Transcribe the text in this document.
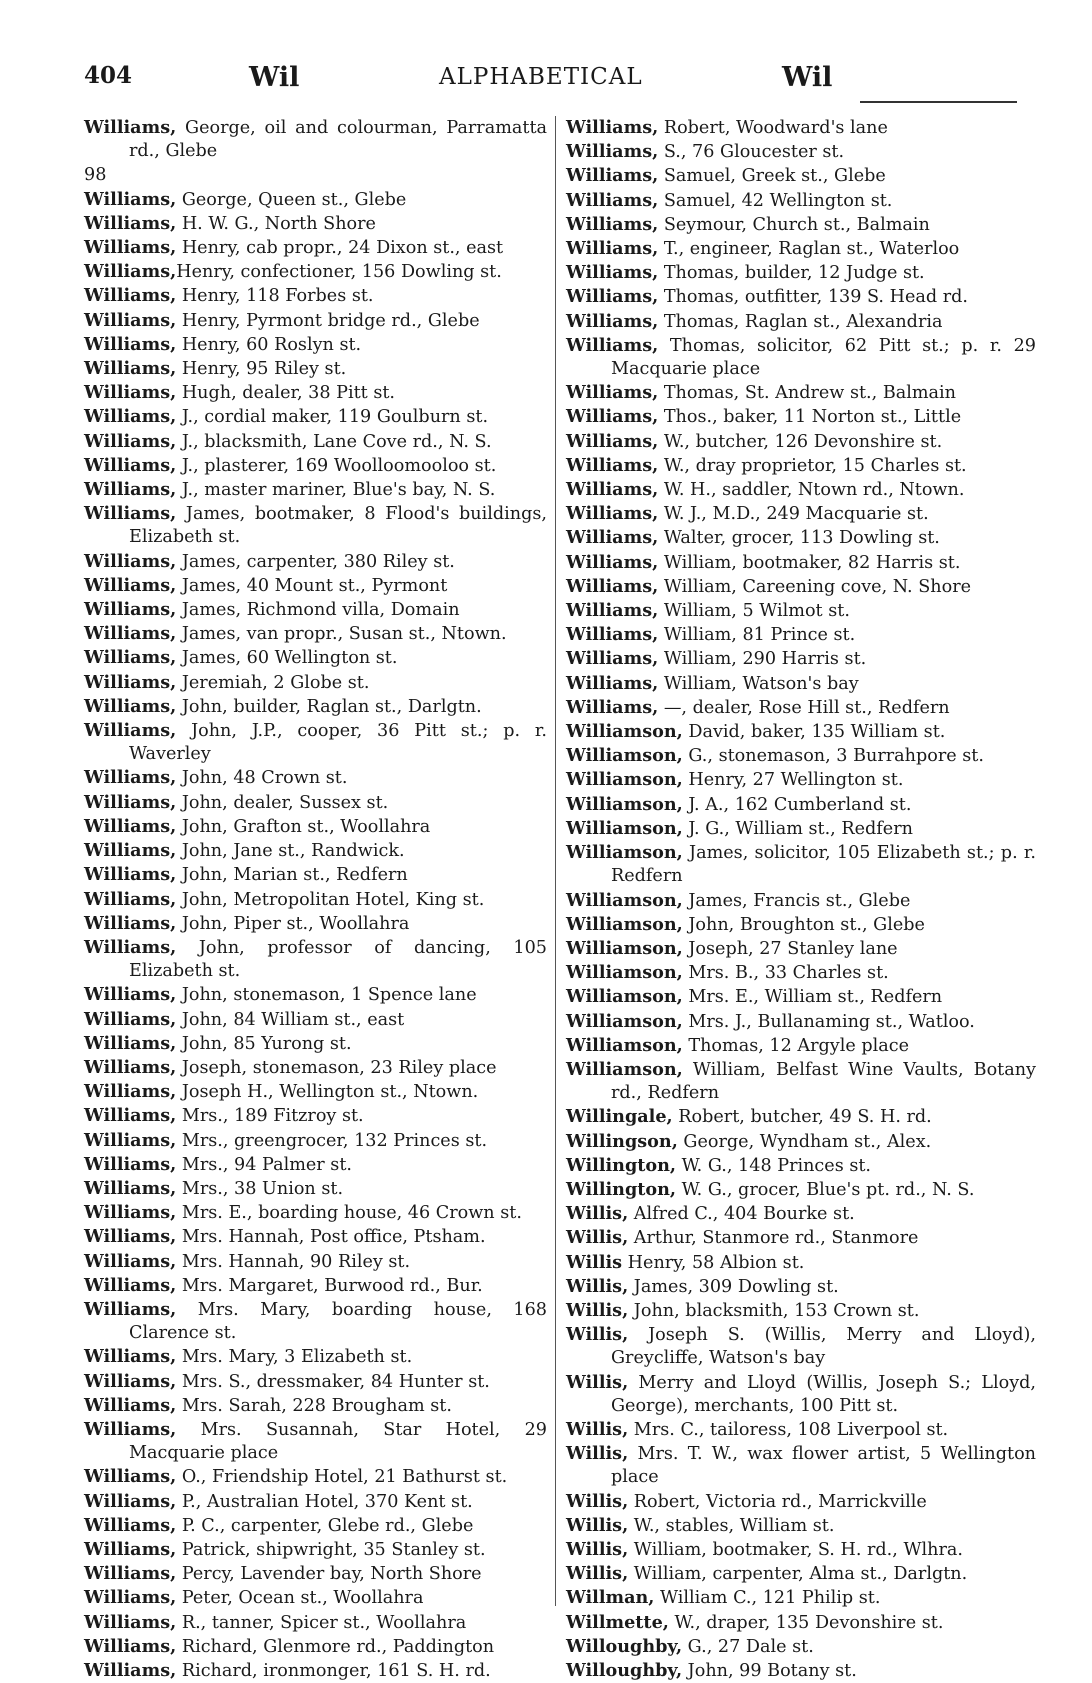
404	Wil	ALPHABETICAL	Wil

Williams, George, oil and colourman, Parramatta rd., Glebe

98

Williams, George, Queen st., Glebe

Williams, H. W. G., North Shore

Williams, Henry, cab propr., 24 Dixon st., east

Williams,Henry, confectioner, 156 Dowling st.

Williams, Henry, 118 Forbes st.

Williams, Henry, Pyrmont bridge rd., Glebe

Williams, Henry, 60 Roslyn st.

Williams, Henry, 95 Riley st.

Williams, Hugh, dealer, 38 Pitt st.

Williams, J., cordial maker, 119 Goulburn st.

Williams, J., blacksmith, Lane Cove rd., N. S.

Williams, J., plasterer, 169 Woolloomooloo st.

Williams, J., master mariner, Blue's bay, N. S.

Williams, James, bootmaker, 8 Flood's buildings, Elizabeth st.

Williams, James, carpenter, 380 Riley st.

Williams, James, 40 Mount st., Pyrmont

Williams, James, Richmond villa, Domain

Williams, James, van propr., Susan st., Ntown.

Williams, James, 60 Wellington st.

Williams, Jeremiah, 2 Globe st.

Williams, John, builder, Raglan st., Darlgtn.

Williams, John, J.P., cooper, 36 Pitt st.; p. r. Waverley

Williams, John, 48 Crown st.

Williams, John, dealer, Sussex st.

Williams, John, Grafton st., Woollahra

Williams, John, Jane st., Randwick.

Williams, John, Marian st., Redfern

Williams, John, Metropolitan Hotel, King st.

Williams, John, Piper st., Woollahra

Williams, John, professor of dancing, 105 Elizabeth st.

Williams, John, stonemason, 1 Spence lane

Williams, John, 84 William st., east

Williams, John, 85 Yurong st.

Williams, Joseph, stonemason, 23 Riley place

Williams, Joseph H., Wellington st., Ntown.

Williams, Mrs., 189 Fitzroy st.

Williams, Mrs., greengrocer, 132 Princes st.

Williams, Mrs., 94 Palmer st.

Williams, Mrs., 38 Union st.

Williams, Mrs. E., boarding house, 46 Crown st.

Williams, Mrs. Hannah, Post office, Ptsham.

Williams, Mrs. Hannah, 90 Riley st.

Williams, Mrs. Margaret, Burwood rd., Bur.

Williams, Mrs. Mary, boarding house, 168 Clarence st.

Williams, Mrs. Mary, 3 Elizabeth st.

Williams, Mrs. S., dressmaker, 84 Hunter st.

Williams, Mrs. Sarah, 228 Brougham st.

Williams, Mrs. Susannah, Star Hotel, 29 Macquarie place

Williams, O., Friendship Hotel, 21 Bathurst st.

Williams, P., Australian Hotel, 370 Kent st.

Williams, P. C., carpenter, Glebe rd., Glebe

Williams, Patrick, shipwright, 35 Stanley st.

Williams, Percy, Lavender bay, North Shore

Williams, Peter, Ocean st., Woollahra

Williams, R., tanner, Spicer st., Woollahra

Williams, Richard, Glenmore rd., Paddington

Williams, Richard, ironmonger, 161 S. H. rd.

Williams, Robert, Woodward's lane

Williams, S., 76 Gloucester st.

Williams, Samuel, Greek st., Glebe

Williams, Samuel, 42 Wellington st.

Williams, Seymour, Church st., Balmain

Williams, T., engineer, Raglan st., Waterloo

Williams, Thomas, builder, 12 Judge st.

Williams, Thomas, outfitter, 139 S. Head rd.

Williams, Thomas, Raglan st., Alexandria

Williams, Thomas, solicitor, 62 Pitt st.; p. r. 29 Macquarie place

Williams, Thomas, St. Andrew st., Balmain

Williams, Thos., baker, 11 Norton st., Little

Williams, W., butcher, 126 Devonshire st.

Williams, W., dray proprietor, 15 Charles st.

Williams, W. H., saddler, Ntown rd., Ntown.

Williams, W. J., M.D., 249 Macquarie st.

Williams, Walter, grocer, 113 Dowling st.

Williams, William, bootmaker, 82 Harris st.

Williams, William, Careening cove, N. Shore

Williams, William, 5 Wilmot st.

Williams, William, 81 Prince st.

Williams, William, 290 Harris st.

Williams, William, Watson's bay

Williams, —, dealer, Rose Hill st., Redfern

Williamson, David, baker, 135 William st.

Williamson, G., stonemason, 3 Burrahpore st.

Williamson, Henry, 27 Wellington st.

Williamson, J. A., 162 Cumberland st.

Williamson, J. G., William st., Redfern

Williamson, James, solicitor, 105 Elizabeth st.; p. r. Redfern

Williamson, James, Francis st., Glebe

Williamson, John, Broughton st., Glebe

Williamson, Joseph, 27 Stanley lane

Williamson, Mrs. B., 33 Charles st.

Williamson, Mrs. E., William st., Redfern

Williamson, Mrs. J., Bullanaming st., Watloo.

Williamson, Thomas, 12 Argyle place

Williamson, William, Belfast Wine Vaults, Botany rd., Redfern

Willingale, Robert, butcher, 49 S. H. rd.

Willingson, George, Wyndham st., Alex.

Willington, W. G., 148 Princes st.

Willington, W. G., grocer, Blue's pt. rd., N. S.

Willis, Alfred C., 404 Bourke st.

Willis, Arthur, Stanmore rd., Stanmore

Willis Henry, 58 Albion st.

Willis, James, 309 Dowling st.

Willis, John, blacksmith, 153 Crown st.

Willis, Joseph S. (Willis, Merry and Lloyd), Greycliffe, Watson's bay

Willis, Merry and Lloyd (Willis, Joseph S.; Lloyd, George), merchants, 100 Pitt st.

Willis, Mrs. C., tailoress, 108 Liverpool st.

Willis, Mrs. T. W., wax flower artist, 5 Wellington place

Willis, Robert, Victoria rd., Marrickville

Willis, W., stables, William st.

Willis, William, bootmaker, S. H. rd., Wlhra.

Willis, William, carpenter, Alma st., Darlgtn.

Willman, William C., 121 Philip st.

Willmette, W., draper, 135 Devonshire st.

Willoughby, G., 27 Dale st.

Willoughby, John, 99 Botany st.
